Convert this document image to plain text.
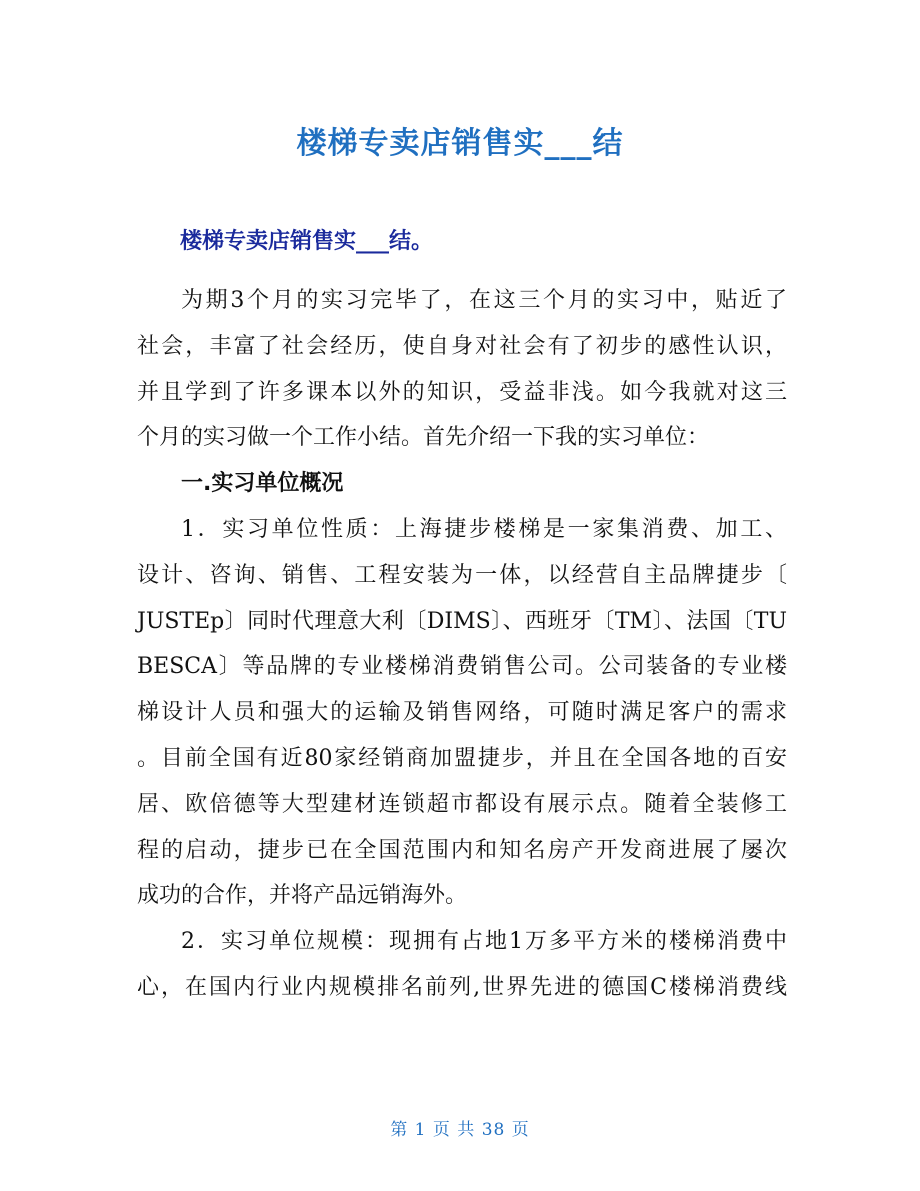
楼梯专卖店销售实___结
楼梯专卖店销售实___结。
为期3个月的实习完毕了，在这三个月的实习中，贴近了
社会，丰富了社会经历，使自身对社会有了初步的感性认识，
并且学到了许多课本以外的知识，受益非浅。如今我就对这三
个月的实习做一个工作小结。首先介绍一下我的实习单位：
一.实习单位概况
1．实习单位性质：上海捷步楼梯是一家集消费、加工、
设计、咨询、销售、工程安装为一体，以经营自主品牌捷步〔
JUSTEp〕同时代理意大利〔DIMS〕、西班牙〔TM〕、法国〔TU
BESCA〕等品牌的专业楼梯消费销售公司。公司装备的专业楼
梯设计人员和强大的运输及销售网络，可随时满足客户的需求
。目前全国有近80家经销商加盟捷步，并且在全国各地的百安
居、欧倍德等大型建材连锁超市都设有展示点。随着全装修工
程的启动，捷步已在全国范围内和知名房产开发商进展了屡次
成功的合作，并将产品远销海外。
2．实习单位规模：现拥有占地1万多平方米的楼梯消费中
心，在国内行业内规模排名前列,世界先进的德国C楼梯消费线
第 1 页 共 38 页
